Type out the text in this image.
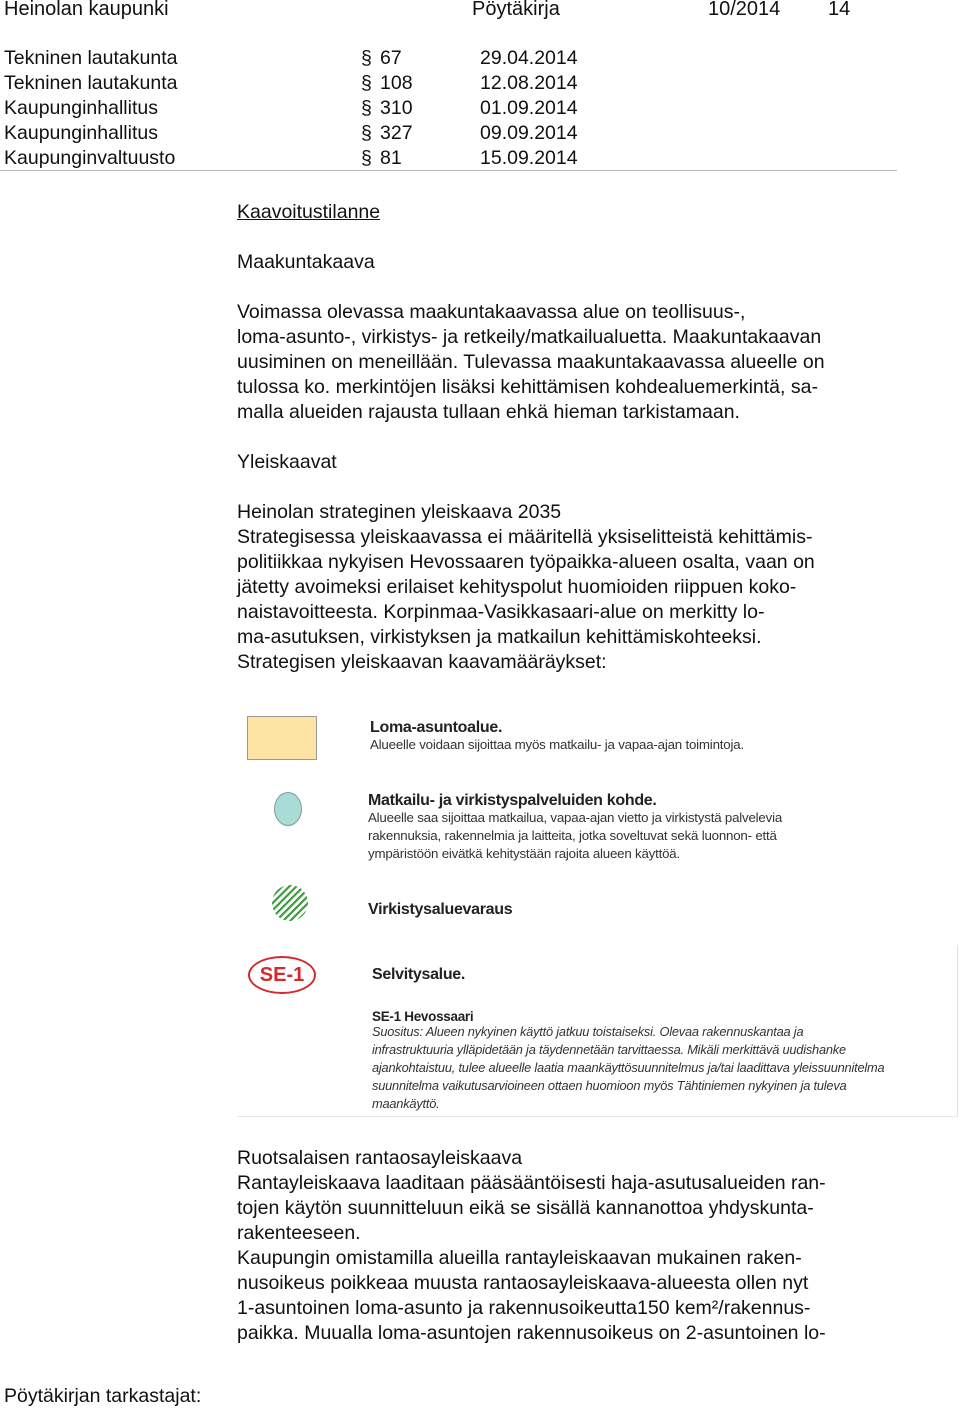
Heinolan kaupunki	Pöytäkirja	10/2014 14
Tekninen lautakunta	§ 67	29.04.2014
Tekninen lautakunta	§ 108	12.08.2014
Kaupunginhallitus	§ 310	01.09.2014
Kaupunginhallitus	§ 327	09.09.2014
Kaupunginvaltuusto	§ 81	15.09.2014
Kaavoitustilanne
Maakuntakaava
Voimassa olevassa maakuntakaavassa alue on teollisuus-,
loma-asunto-, virkistys- ja retkeily/matkailualuetta. Maakuntakaavan
uusiminen on meneillään. Tulevassa maakuntakaavassa alueelle on
tulossa ko. merkintöjen lisäksi kehittämisen kohdealuemerkintä, sa-
malla alueiden rajausta tullaan ehkä hieman tarkistamaan.
Yleiskaavat
Heinolan strateginen yleiskaava 2035
Strategisessa yleiskaavassa ei määritellä yksiselitteistä kehittämis-
politiikkaa nykyisen Hevossaaren työpaikka-alueen osalta, vaan on
jätetty avoimeksi erilaiset kehityspolut huomioiden riippuen koko-
naistavoitteesta. Korpinmaa-Vasikkasaari-alue on merkitty lo-
ma-asutuksen, virkistyksen ja matkailun kehittämiskohteeksi.
Strategisen yleiskaavan kaavamääräykset:
Loma-asuntoalue.
Alueelle voidaan sijoittaa myös matkailu- ja vapaa-ajan toimintoja.
Matkailu- ja virkistyspalveluiden kohde.
Alueelle saa sijoittaa matkailua, vapaa-ajan vietto ja virkistystä palvelevia
rakennuksia, rakennelmia ja laitteita, jotka soveltuvat sekä luonnon- että
ympäristöön eivätkä kehitystään rajoita alueen käyttöä.
Virkistysaluevaraus
SE-1	Selvitysalue.
SE-1 Hevossaari
Suositus: Alueen nykyinen käyttö jatkuu toistaiseksi. Olevaa rakennuskantaa ja
infrastruktuuria ylläpidetään ja täydennetään tarvittaessa. Mikäli merkittävä uudishanke
ajankohtaistuu, tulee alueelle laatia maankäyttösuunnitelmus ja/tai laadittava yleissuunnitelma
suunnitelma vaikutusarvioineen ottaen huomioon myös Tähtiniemen nykyinen ja tuleva
maankäyttö.
Ruotsalaisen rantaosayleiskaava
Rantayleiskaava laaditaan pääsääntöisesti haja-asutusalueiden ran-
tojen käytön suunnitteluun eikä se sisällä kannanottoa yhdyskunta-
rakenteeseen.
Kaupungin omistamilla alueilla rantayleiskaavan mukainen raken-
nusoikeus poikkeaa muusta rantaosayleiskaava-alueesta ollen nyt
1-asuntoinen loma-asunto ja rakennusoikeutta150 kem²/rakennus-
paikka. Muualla loma-asuntojen rakennusoikeus on 2-asuntoinen lo-
Pöytäkirjan tarkastajat:
